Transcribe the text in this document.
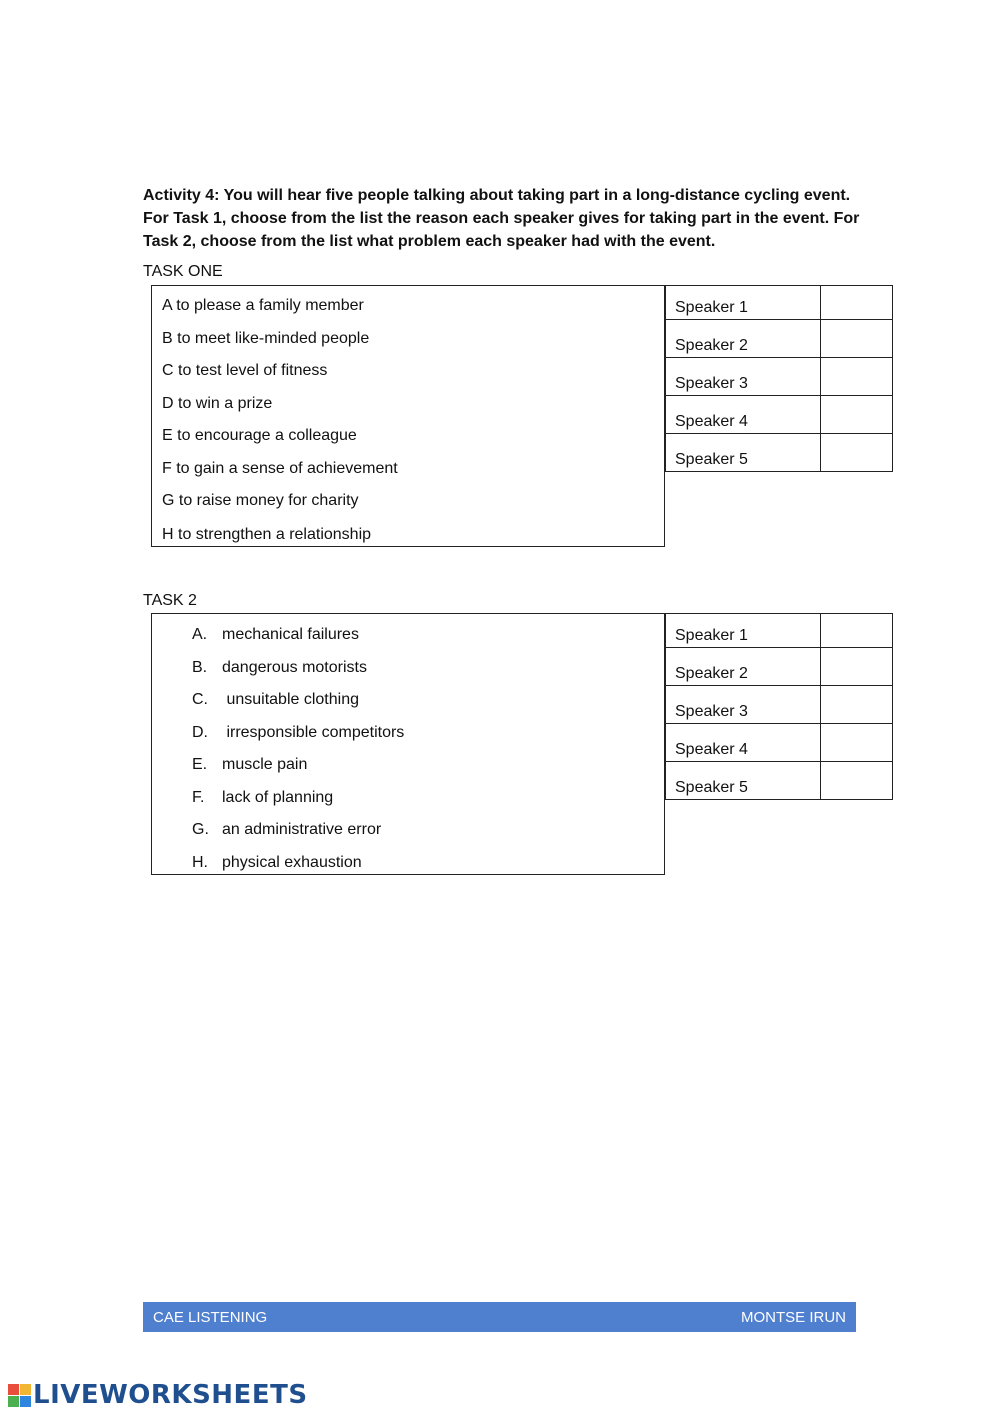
Activity 4: You will hear five people talking about taking part in a long-distance cycling event. For Task 1, choose from the list the reason each speaker gives for taking part in the event. For Task 2, choose from the list what problem each speaker had with the event.
TASK ONE
A to please a family member
B to meet like-minded people
C to test level of fitness
D to win a prize
E to encourage a colleague
F to gain a sense of achievement
G to raise money for charity
H to strengthen a relationship
Speaker 1	
Speaker 2	
Speaker 3	
Speaker 4	
Speaker 5	
TASK 2
A. mechanical failures
B. dangerous motorists
C. unsuitable clothing
D. irresponsible competitors
E. muscle pain
F. lack of planning
G. an administrative error
H. physical exhaustion
Speaker 1	
Speaker 2	
Speaker 3	
Speaker 4	
Speaker 5	
CAE LISTENING	MONTSE IRUN
LIVEWORKSHEETS
